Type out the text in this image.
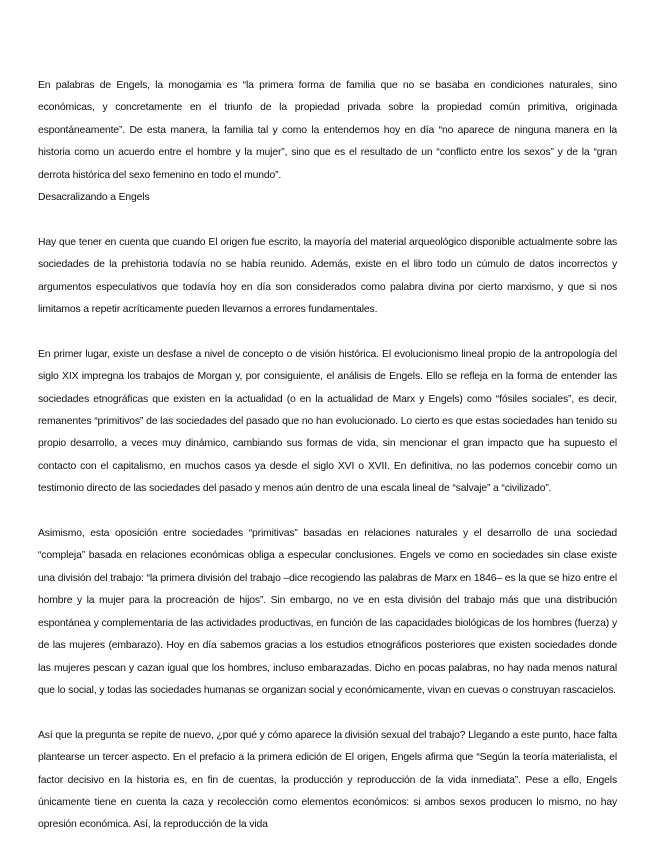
En palabras de Engels, la monogamia es “la primera forma de familia que no se basaba en condiciones naturales, sino económicas, y concretamente en el triunfo de la propiedad privada sobre la propiedad común primitiva, originada espontáneamente”. De esta manera, la familia tal y como la entendemos hoy en día “no aparece de ninguna manera en la historia como un acuerdo entre el hombre y la mujer”, sino que es el resultado de un “conflicto entre los sexos” y de la “gran derrota histórica del sexo femenino en todo el mundo”.

Desacralizando a Engels

Hay que tener en cuenta que cuando El origen fue escrito, la mayoría del material arqueológico disponible actualmente sobre las sociedades de la prehistoria todavía no se había reunido. Además, existe en el libro todo un cúmulo de datos incorrectos y argumentos especulativos que todavía hoy en día son considerados como palabra divina por cierto marxismo, y que si nos limitamos a repetir acríticamente pueden llevarnos a errores fundamentales.

En primer lugar, existe un desfase a nivel de concepto o de visión histórica. El evolucionismo lineal propio de la antropología del siglo XIX impregna los trabajos de Morgan y, por consiguiente, el análisis de Engels. Ello se refleja en la forma de entender las sociedades etnográficas que existen en la actualidad (o en la actualidad de Marx y Engels) como “fósiles sociales”, es decir, remanentes “primitivos” de las sociedades del pasado que no han evolucionado. Lo cierto es que estas sociedades han tenido su propio desarrollo, a veces muy dinámico, cambiando sus formas de vida, sin mencionar el gran impacto que ha supuesto el contacto con el capitalismo, en muchos casos ya desde el siglo XVI o XVII. En definitiva, no las podemos concebir como un testimonio directo de las sociedades del pasado y menos aún dentro de una escala lineal de “salvaje” a “civilizado”.

Asimismo, esta oposición entre sociedades “primitivas” basadas en relaciones naturales y el desarrollo de una sociedad “compleja” basada en relaciones económicas obliga a especular conclusiones. Engels ve como en sociedades sin clase existe una división del trabajo: “la primera división del trabajo –dice recogiendo las palabras de Marx en 1846– es la que se hizo entre el hombre y la mujer para la procreación de hijos”. Sin embargo, no ve en esta división del trabajo más que una distribución espontánea y complementaria de las actividades productivas, en función de las capacidades biológicas de los hombres (fuerza) y de las mujeres (embarazo). Hoy en día sabemos gracias a los estudios etnográficos posteriores que existen sociedades donde las mujeres pescan y cazan igual que los hombres, incluso embarazadas. Dicho en pocas palabras, no hay nada menos natural que lo social, y todas las sociedades humanas se organizan social y económicamente, vivan en cuevas o construyan rascacielos.

Así que la pregunta se repite de nuevo, ¿por qué y cómo aparece la división sexual del trabajo? Llegando a este punto, hace falta plantearse un tercer aspecto. En el prefacio a la primera edición de El origen, Engels afirma que “Según la teoría materialista, el factor decisivo en la historia es, en fin de cuentas, la producción y reproducción de la vida inmediata”. Pese a ello, Engels únicamente tiene en cuenta la caza y recolección como elementos económicos: si ambos sexos producen lo mismo, no hay opresión económica. Así, la reproducción de la vida
